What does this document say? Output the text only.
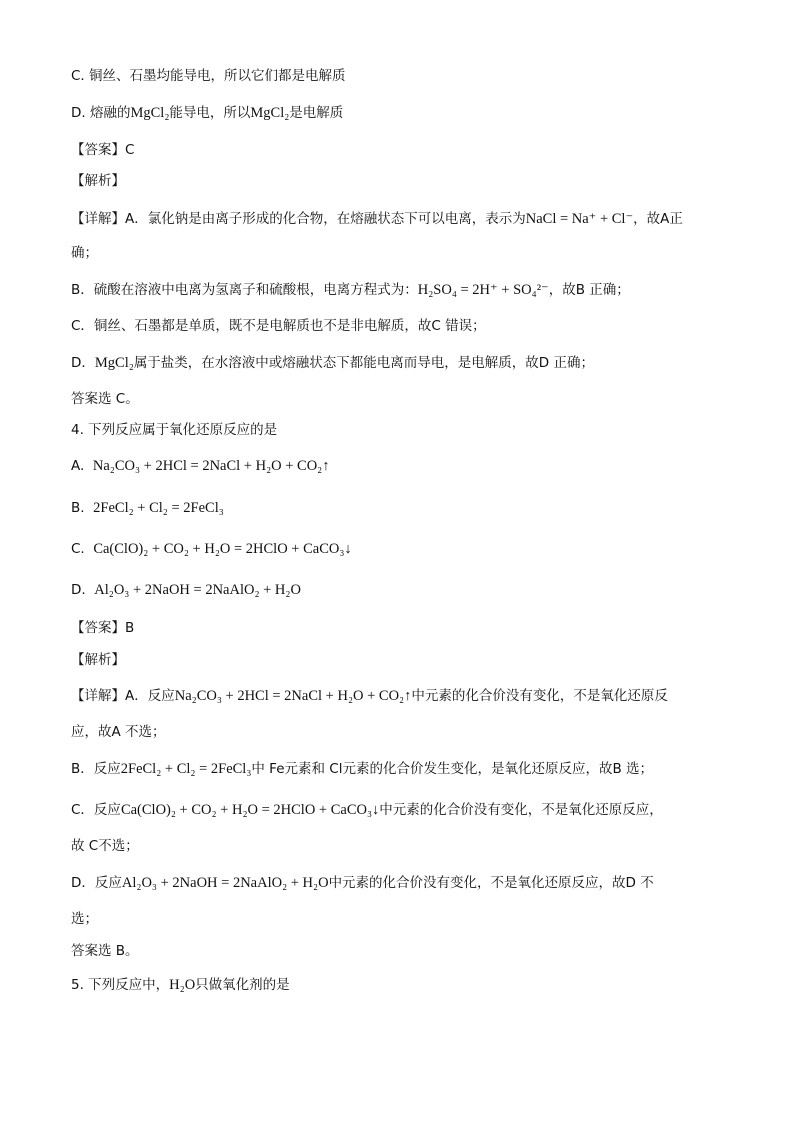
C. 铜丝、石墨均能导电，所以它们都是电解质
D. 熔融的MgCl₂能导电，所以MgCl₂是电解质
【答案】C
【解析】
【详解】A．氯化钠是由离子形成的化合物，在熔融状态下可以电离，表示为NaCl = Na⁺ + Cl⁻，故A正
确；
B．硫酸在溶液中电离为氢离子和硫酸根，电离方程式为：H₂SO₄ = 2H⁺ + SO₄²⁻，故B 正确；
C．铜丝、石墨都是单质，既不是电解质也不是非电解质，故C 错误；
D．MgCl₂属于盐类，在水溶液中或熔融状态下都能电离而导电，是电解质，故D 正确；
答案选 C。
4. 下列反应属于氧化还原反应的是
A. Na₂CO₃ + 2HCl = 2NaCl + H₂O + CO₂↑
B. 2FeCl₂ + Cl₂ = 2FeCl₃
C. Ca(ClO)₂ + CO₂ + H₂O = 2HClO + CaCO₃↓
D. Al₂O₃ + 2NaOH = 2NaAlO₂ + H₂O
【答案】B
【解析】
【详解】A．反应Na₂CO₃ + 2HCl = 2NaCl + H₂O + CO₂↑中元素的化合价没有变化，不是氧化还原反
应，故A 不选；
B．反应2FeCl₂ + Cl₂ = 2FeCl₃中 Fe元素和 Cl元素的化合价发生变化，是氧化还原反应，故B 选；
C．反应Ca(ClO)₂ + CO₂ + H₂O = 2HClO + CaCO₃↓中元素的化合价没有变化，不是氧化还原反应，
故 C不选；
D．反应Al₂O₃ + 2NaOH = 2NaAlO₂ + H₂O中元素的化合价没有变化，不是氧化还原反应，故D 不
选；
答案选 B。
5. 下列反应中，H₂O只做氧化剂的是
